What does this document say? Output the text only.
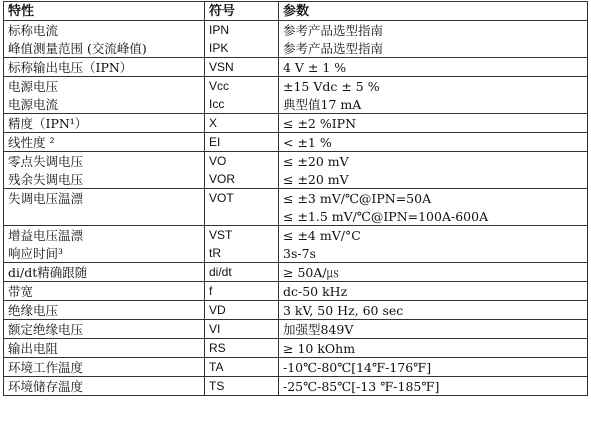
特性	符号	参数
标称电流	IPN	参考产品选型指南
峰值测量范围 (交流峰值)	IPK	参考产品选型指南
标称输出电压（IPN）	VSN	4 V ± 1 %
电源电压	Vcc	±15 Vdc ± 5 %
电源电流	Icc	典型值17 mA
精度（IPN¹）	X	≤ ±2 %IPN
线性度 ²	EI	< ±1 %
零点失调电压	VO	≤ ±20 mV
残余失调电压	VOR	≤ ±20 mV
失调电压温漂	VOT	≤ ±3 mV/℃@IPN=50A
		≤ ±1.5 mV/℃@IPN=100A-600A
增益电压温漂	VST	≤ ±4 mV/°C
响应时间³	tR	3s-7s
di/dt精确跟随	di/dt	≥ 50A/㎲
带宽	f	dc-50 kHz
绝缘电压	VD	3 kV, 50 Hz, 60 sec
额定绝缘电压	VI	加强型849V
输出电阻	RS	≥ 10 kOhm
环境工作温度	TA	-10℃-80℃[14℉-176℉]
环境储存温度	TS	-25℃-85℃[-13 ℉-185℉]
